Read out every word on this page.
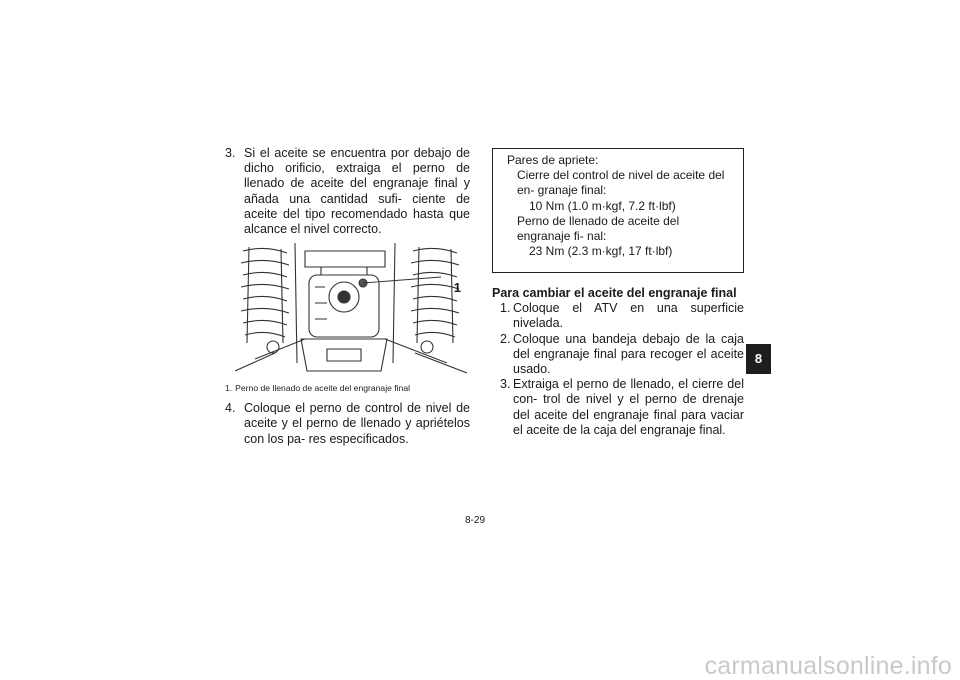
3. Si el aceite se encuentra por debajo de dicho orificio, extraiga el perno de llenado de aceite del engranaje final y añada una cantidad sufi- ciente de aceite del tipo recomendado hasta que alcance el nivel correcto.
1
1. Perno de llenado de aceite del engranaje final
4. Coloque el perno de control de nivel de aceite y el perno de llenado y apriételos con los pa- res especificados.
Pares de apriete:
Cierre del control de nivel de aceite del en- granaje final:
10 Nm (1.0 m·kgf, 7.2 ft·lbf)
Perno de llenado de aceite del engranaje fi- nal:
23 Nm (2.3 m·kgf, 17 ft·lbf)
Para cambiar el aceite del engranaje final
1. Coloque el ATV en una superficie nivelada.
2. Coloque una bandeja debajo de la caja del engranaje final para recoger el aceite usado.
3. Extraiga el perno de llenado, el cierre del con- trol de nivel y el perno de drenaje del aceite del engranaje final para vaciar el aceite de la caja del engranaje final.
8
8-29
carmanualsonline.info
